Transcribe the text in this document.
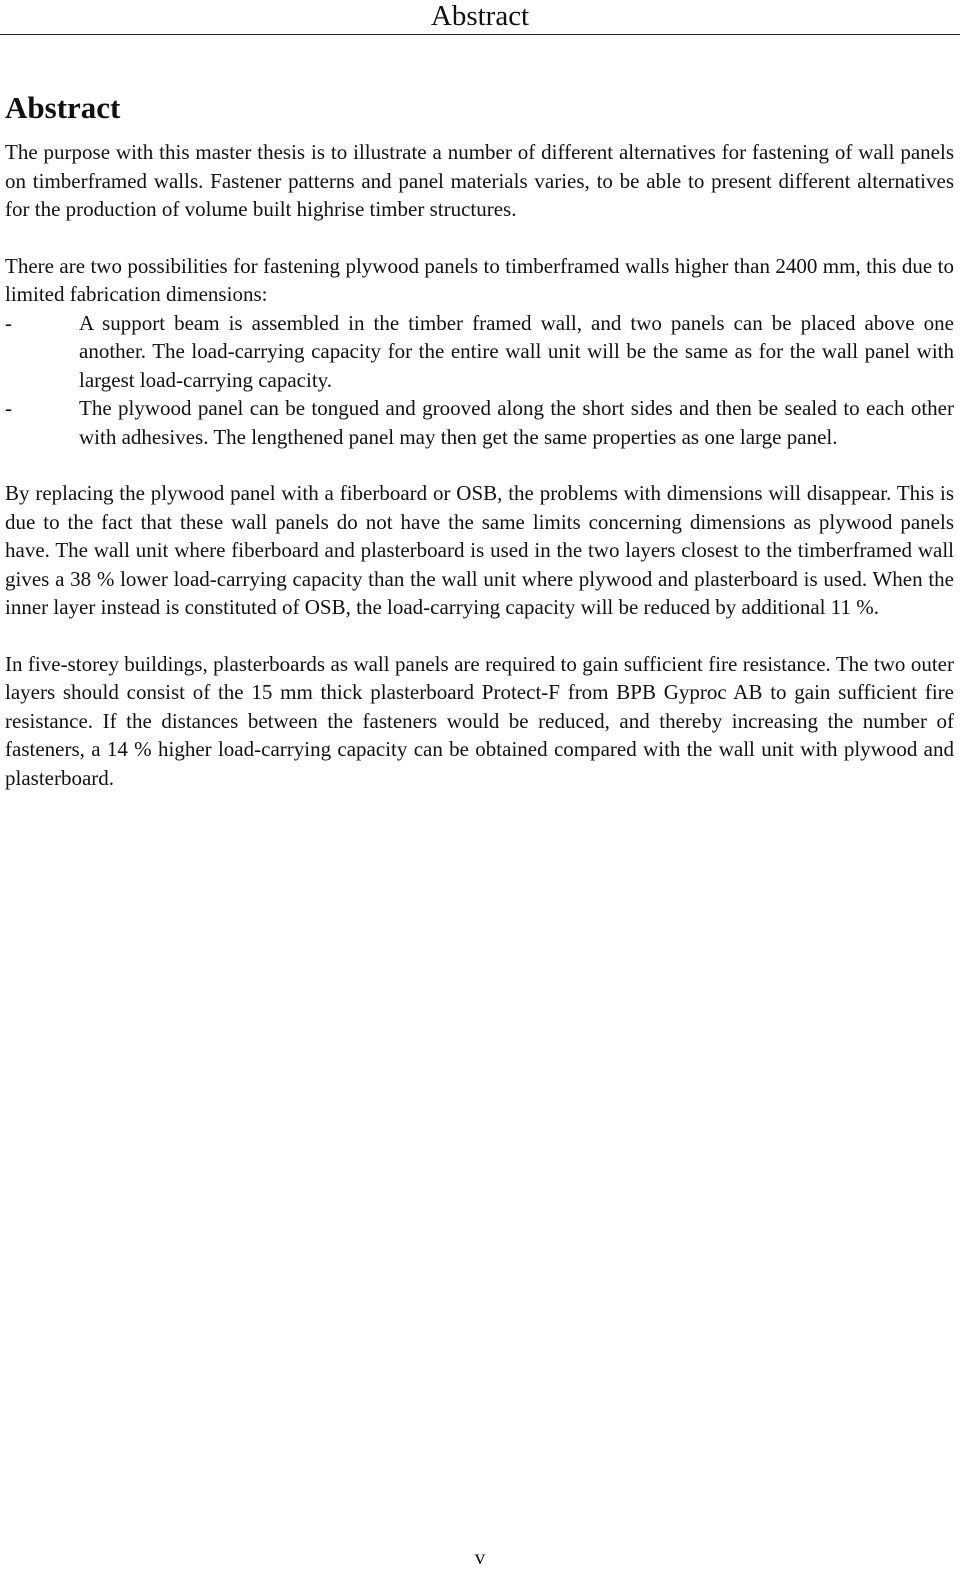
Abstract
Abstract

The purpose with this master thesis is to illustrate a number of different alternatives for fastening of wall panels on timberframed walls. Fastener patterns and panel materials varies, to be able to present different alternatives for the production of volume built highrise timber structures.

There are two possibilities for fastening plywood panels to timberframed walls higher than 2400 mm, this due to limited fabrication dimensions:

-	A support beam is assembled in the timber framed wall, and two panels can be placed above one another. The load-carrying capacity for the entire wall unit will be the same as for the wall panel with largest load-carrying capacity.
-	The plywood panel can be tongued and grooved along the short sides and then be sealed to each other with adhesives. The lengthened panel may then get the same properties as one large panel.

By replacing the plywood panel with a fiberboard or OSB, the problems with dimensions will disappear. This is due to the fact that these wall panels do not have the same limits concerning dimensions as plywood panels have. The wall unit where fiberboard and plasterboard is used in the two layers closest to the timberframed wall gives a 38 % lower load-carrying capacity than the wall unit where plywood and plasterboard is used. When the inner layer instead is constituted of OSB, the load-carrying capacity will be reduced by additional 11 %.

In five-storey buildings, plasterboards as wall panels are required to gain sufficient fire resistance. The two outer layers should consist of the 15 mm thick plasterboard Protect-F from BPB Gyproc AB to gain sufficient fire resistance. If the distances between the fasteners would be reduced, and thereby increasing the number of fasteners, a 14 % higher load-carrying capacity can be obtained compared with the wall unit with plywood and plasterboard.

v
